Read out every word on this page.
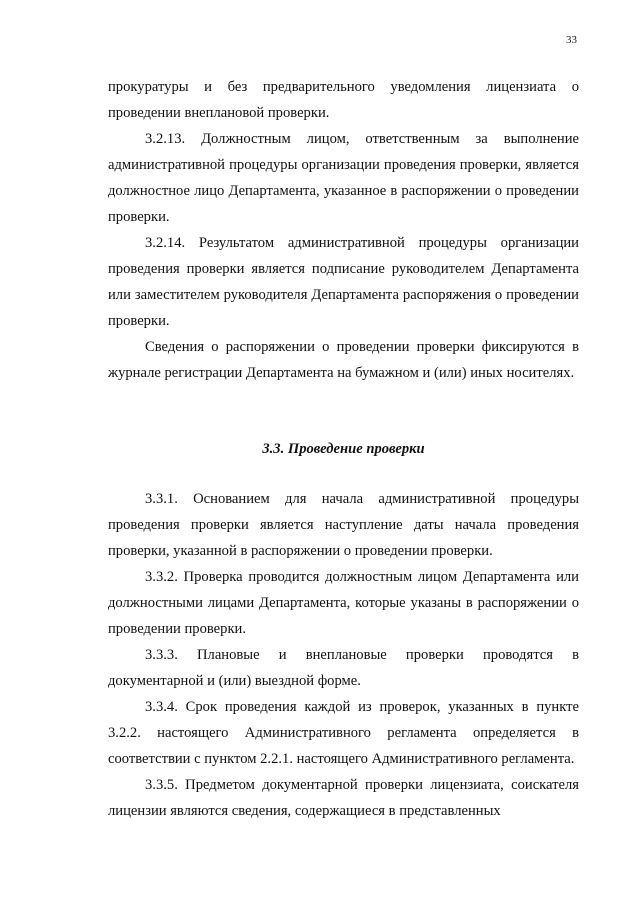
33

прокуратуры и без предварительного уведомления лицензиата о проведении внеплановой проверки.

3.2.13. Должностным лицом, ответственным за выполнение административной процедуры организации проведения проверки, является должностное лицо Департамента, указанное в распоряжении о проведении проверки.

3.2.14. Результатом административной процедуры организации проведения проверки является подписание руководителем Департамента или заместителем руководителя Департамента распоряжения о проведении проверки.

Сведения о распоряжении о проведении проверки фиксируются в журнале регистрации Департамента на бумажном и (или) иных носителях.

3.3. Проведение проверки

3.3.1. Основанием для начала административной процедуры проведения проверки является наступление даты начала проведения проверки, указанной в распоряжении о проведении проверки.

3.3.2. Проверка проводится должностным лицом Департамента или должностными лицами Департамента, которые указаны в распоряжении о проведении проверки.

3.3.3. Плановые и внеплановые проверки проводятся в документарной и (или) выездной форме.

3.3.4. Срок проведения каждой из проверок, указанных в пункте 3.2.2. настоящего Административного регламента определяется в соответствии с пунктом 2.2.1. настоящего Административного регламента.

3.3.5. Предметом документарной проверки лицензиата, соискателя лицензии являются сведения, содержащиеся в представленных
